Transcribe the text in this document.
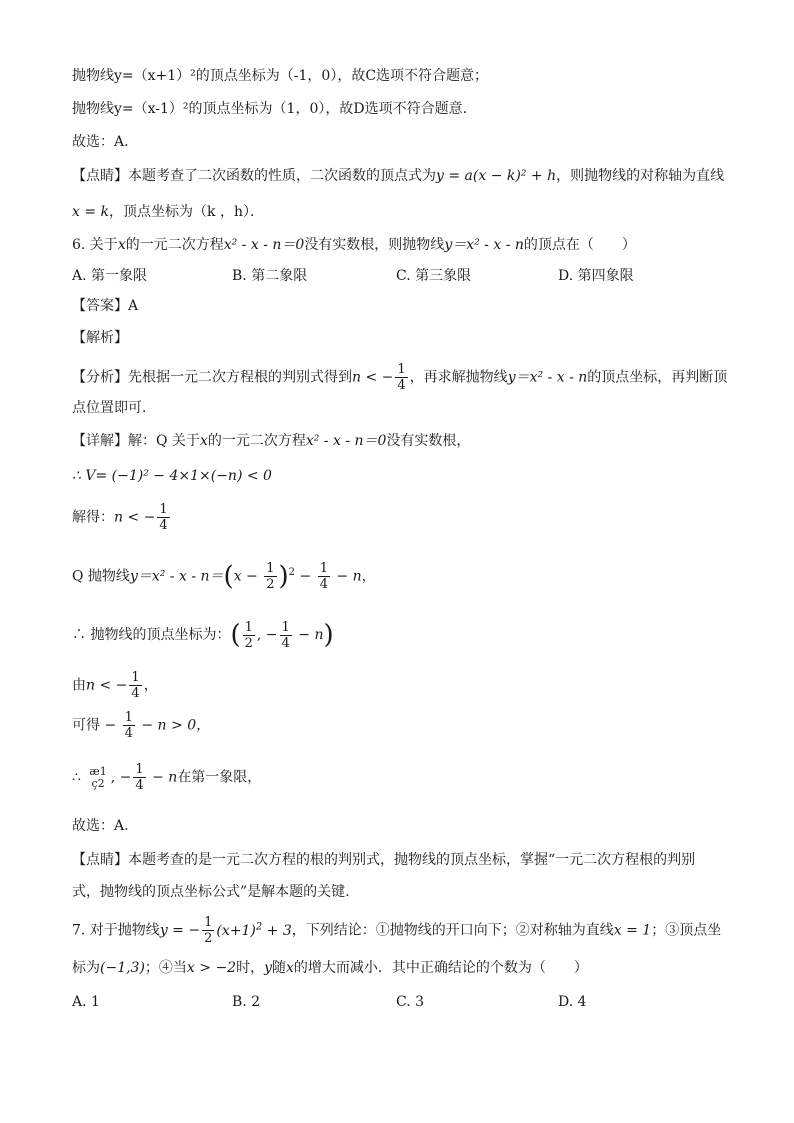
抛物线y=（x+1）²的顶点坐标为（-1，0），故C选项不符合题意；
抛物线y=（x-1）²的顶点坐标为（1，0），故D选项不符合题意．
故选：A．
【点睛】本题考查了二次函数的性质，二次函数的顶点式为y = a(x − k)² + h，则抛物线的对称轴为直线
x = k，顶点坐标为（k ，h）．
6. 关于x的一元二次方程x² - x - n＝0没有实数根，则抛物线y＝x² - x - n的顶点在（　　）
A. 第一象限	B. 第二象限	C. 第三象限	D. 第四象限
【答案】A
【解析】
【分析】先根据一元二次方程根的判别式得到n < − $\frac{1}{4}$ ，再求解抛物线y＝x² - x - n的顶点坐标，再判断顶
点位置即可.
【详解】解：Q 关于x的一元二次方程x² - x - n＝0没有实数根，
∴ V= (−1)² − 4×1×(−n) < 0
解得：n < − $\frac{1}{4}$
Q 抛物线$y=x^2 - x - n=(x - \frac{1}{2} )^2 - \frac{1}{4} - n$，
∴ 抛物线的顶点坐标为：( $\frac{1}{2}$ , − $\frac{1}{4} - n$)
由n < − $\frac{1}{4}$ ，
可得 − $\frac{1}{4} - n > 0$，
∴ æ1
ç2 , − $\frac{1}{4} - n$在第一象限，
故选：A.
【点睛】本题考查的是一元二次方程的根的判别式，抛物线的顶点坐标，掌握“一元二次方程根的判别
式，抛物线的顶点坐标公式”是解本题的关键.
7. 对于抛物线y = − $\frac{1}{2} (x+1)^2 + 3$，下列结论：①抛物线的开口向下；②对称轴为直线x = 1；③顶点坐
标为(−1,3)；④当x > −2时，y随x的增大而减小．其中正确结论的个数为（　　）
A. 1	B. 2	C. 3	D. 4
